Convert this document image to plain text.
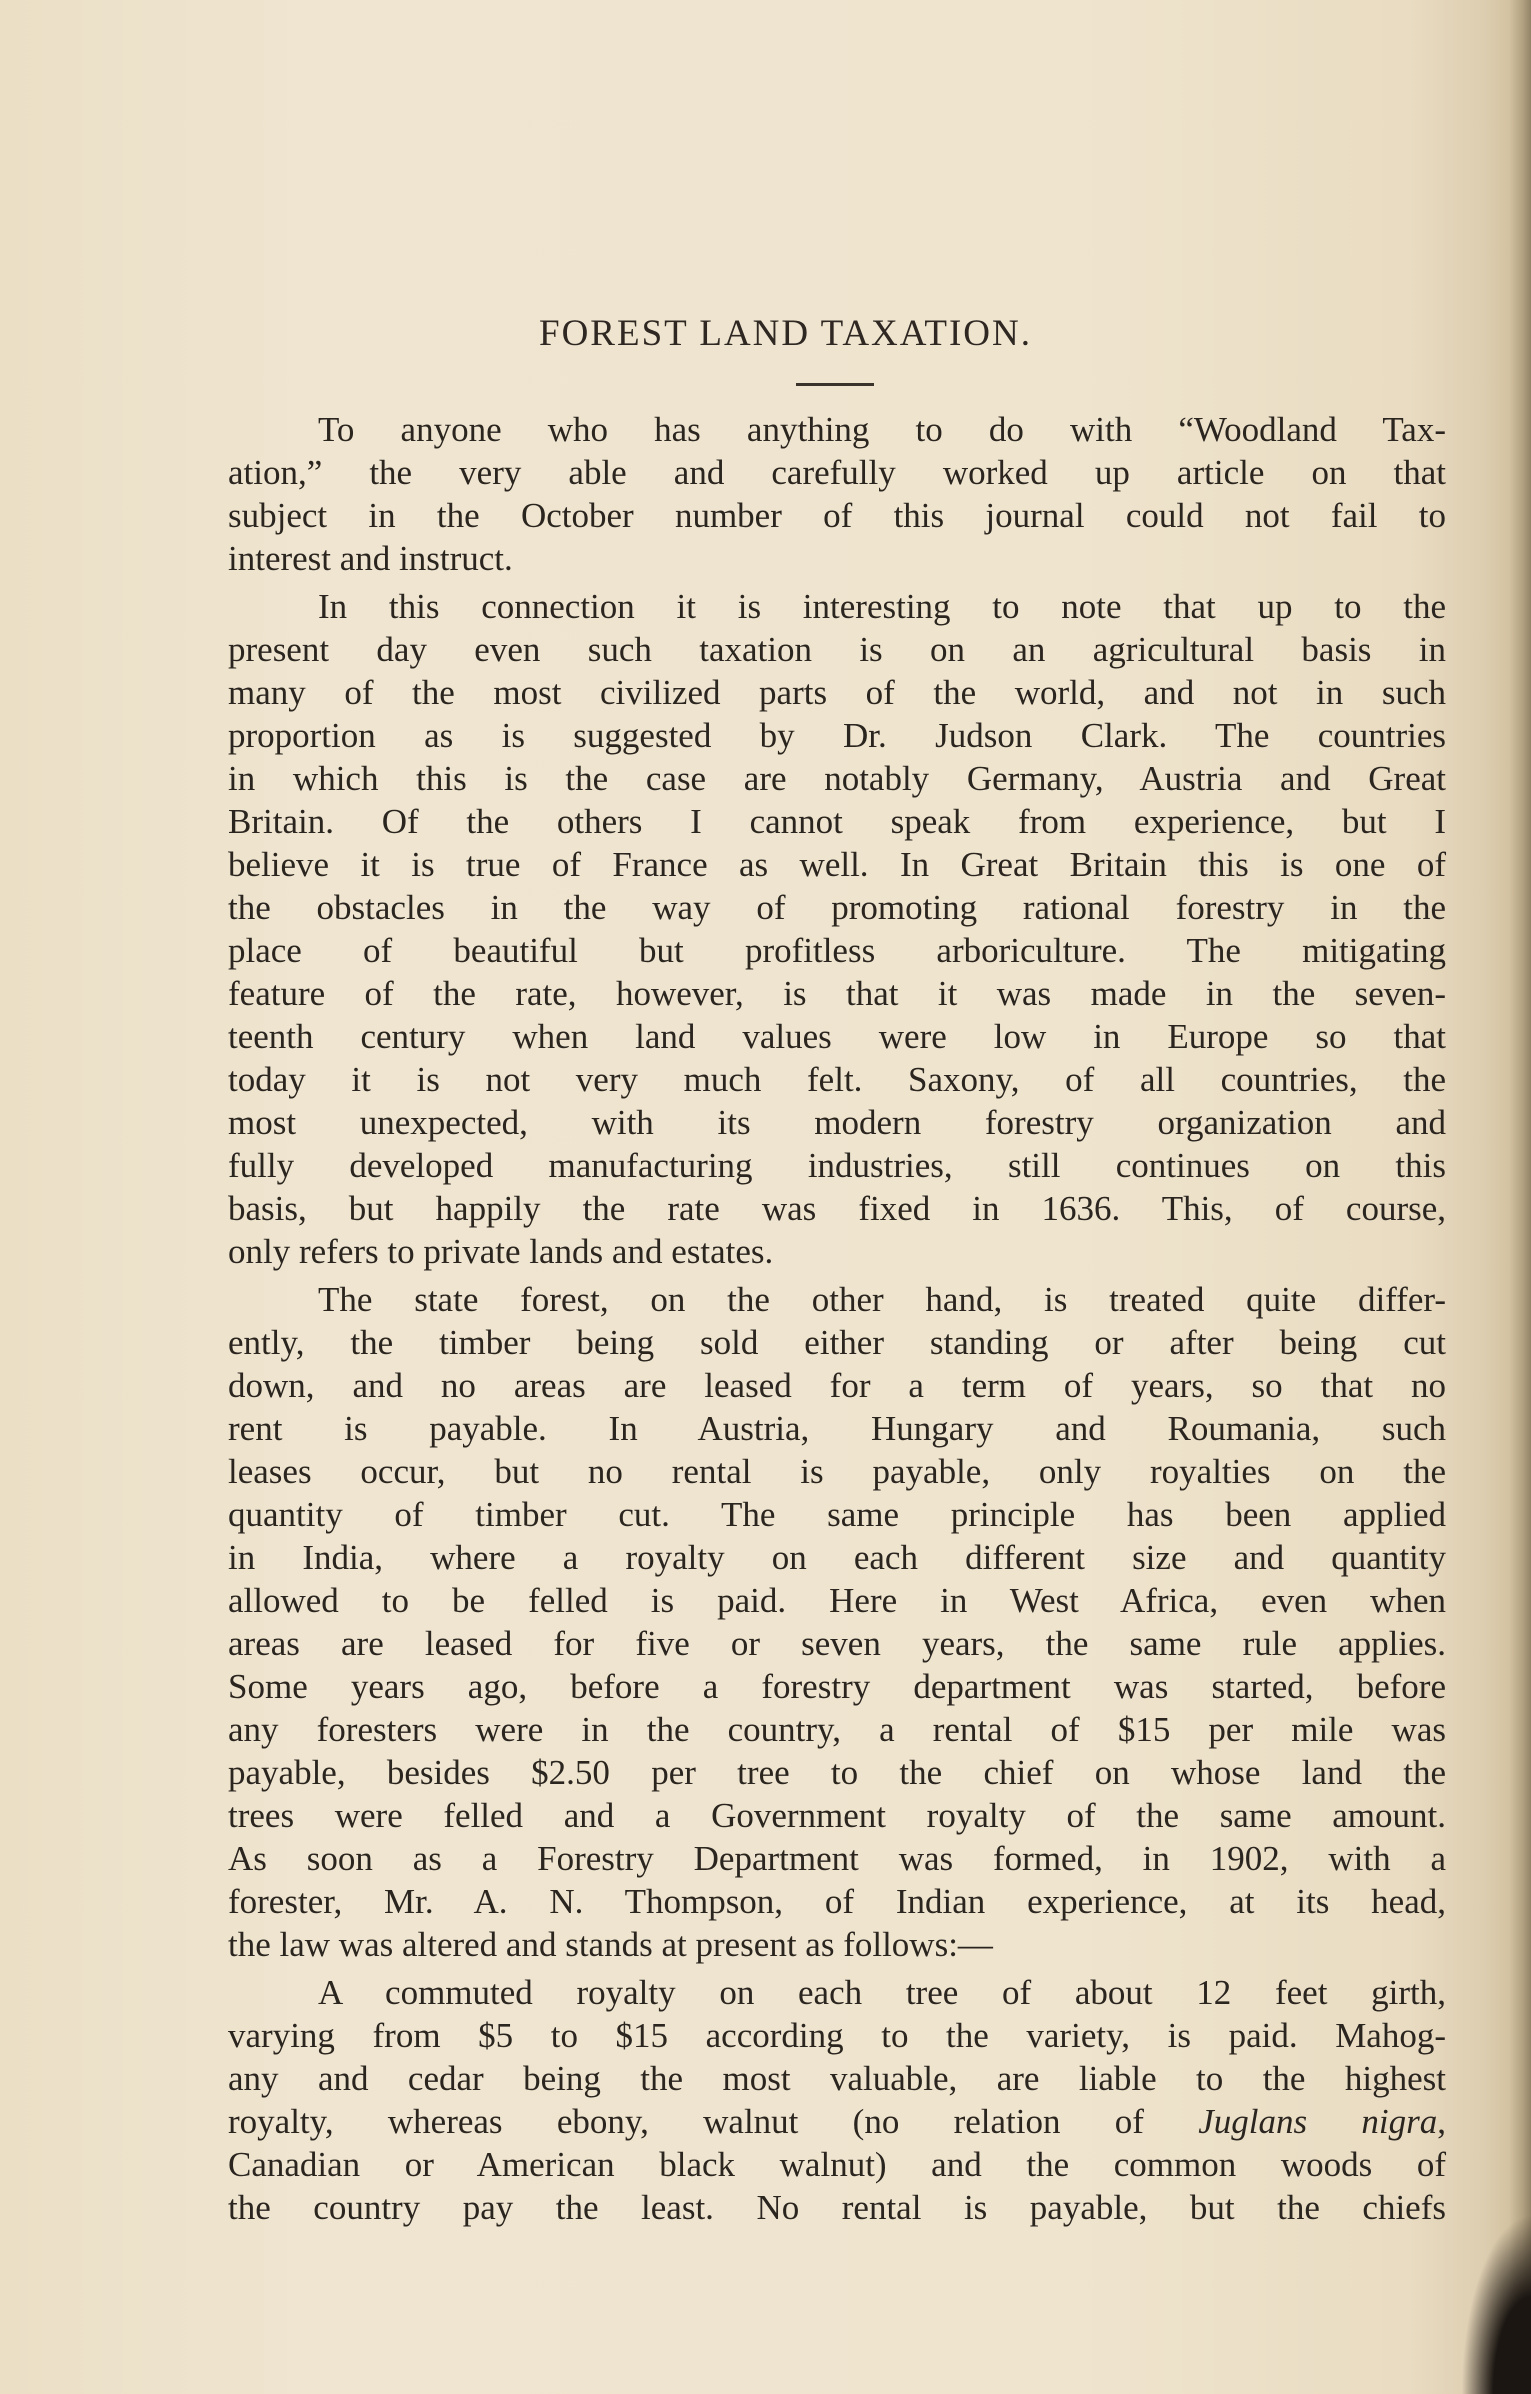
FOREST LAND TAXATION.
To anyone who has anything to do with “Woodland Tax-
ation,” the very able and carefully worked up article on that
subject in the October number of this journal could not fail to
interest and instruct.
In this connection it is interesting to note that up to the
present day even such taxation is on an agricultural basis in
many of the most civilized parts of the world, and not in such
proportion as is suggested by Dr. Judson Clark. The countries
in which this is the case are notably Germany, Austria and Great
Britain. Of the others I cannot speak from experience, but I
believe it is true of France as well. In Great Britain this is one of
the obstacles in the way of promoting rational forestry in the
place of beautiful but profitless arboriculture. The mitigating
feature of the rate, however, is that it was made in the seven-
teenth century when land values were low in Europe so that
today it is not very much felt. Saxony, of all countries, the
most unexpected, with its modern forestry organization and
fully developed manufacturing industries, still continues on this
basis, but happily the rate was fixed in 1636. This, of course,
only refers to private lands and estates.
The state forest, on the other hand, is treated quite differ-
ently, the timber being sold either standing or after being cut
down, and no areas are leased for a term of years, so that no
rent is payable. In Austria, Hungary and Roumania, such
leases occur, but no rental is payable, only royalties on the
quantity of timber cut. The same principle has been applied
in India, where a royalty on each different size and quantity
allowed to be felled is paid. Here in West Africa, even when
areas are leased for five or seven years, the same rule applies.
Some years ago, before a forestry department was started, before
any foresters were in the country, a rental of $15 per mile was
payable, besides $2.50 per tree to the chief on whose land the
trees were felled and a Government royalty of the same amount.
As soon as a Forestry Department was formed, in 1902, with a
forester, Mr. A. N. Thompson, of Indian experience, at its head,
the law was altered and stands at present as follows:—
A commuted royalty on each tree of about 12 feet girth,
varying from $5 to $15 according to the variety, is paid. Mahog-
any and cedar being the most valuable, are liable to the highest
royalty, whereas ebony, walnut (no relation of Juglans nigra,
Canadian or American black walnut) and the common woods of
the country pay the least. No rental is payable, but the chiefs
